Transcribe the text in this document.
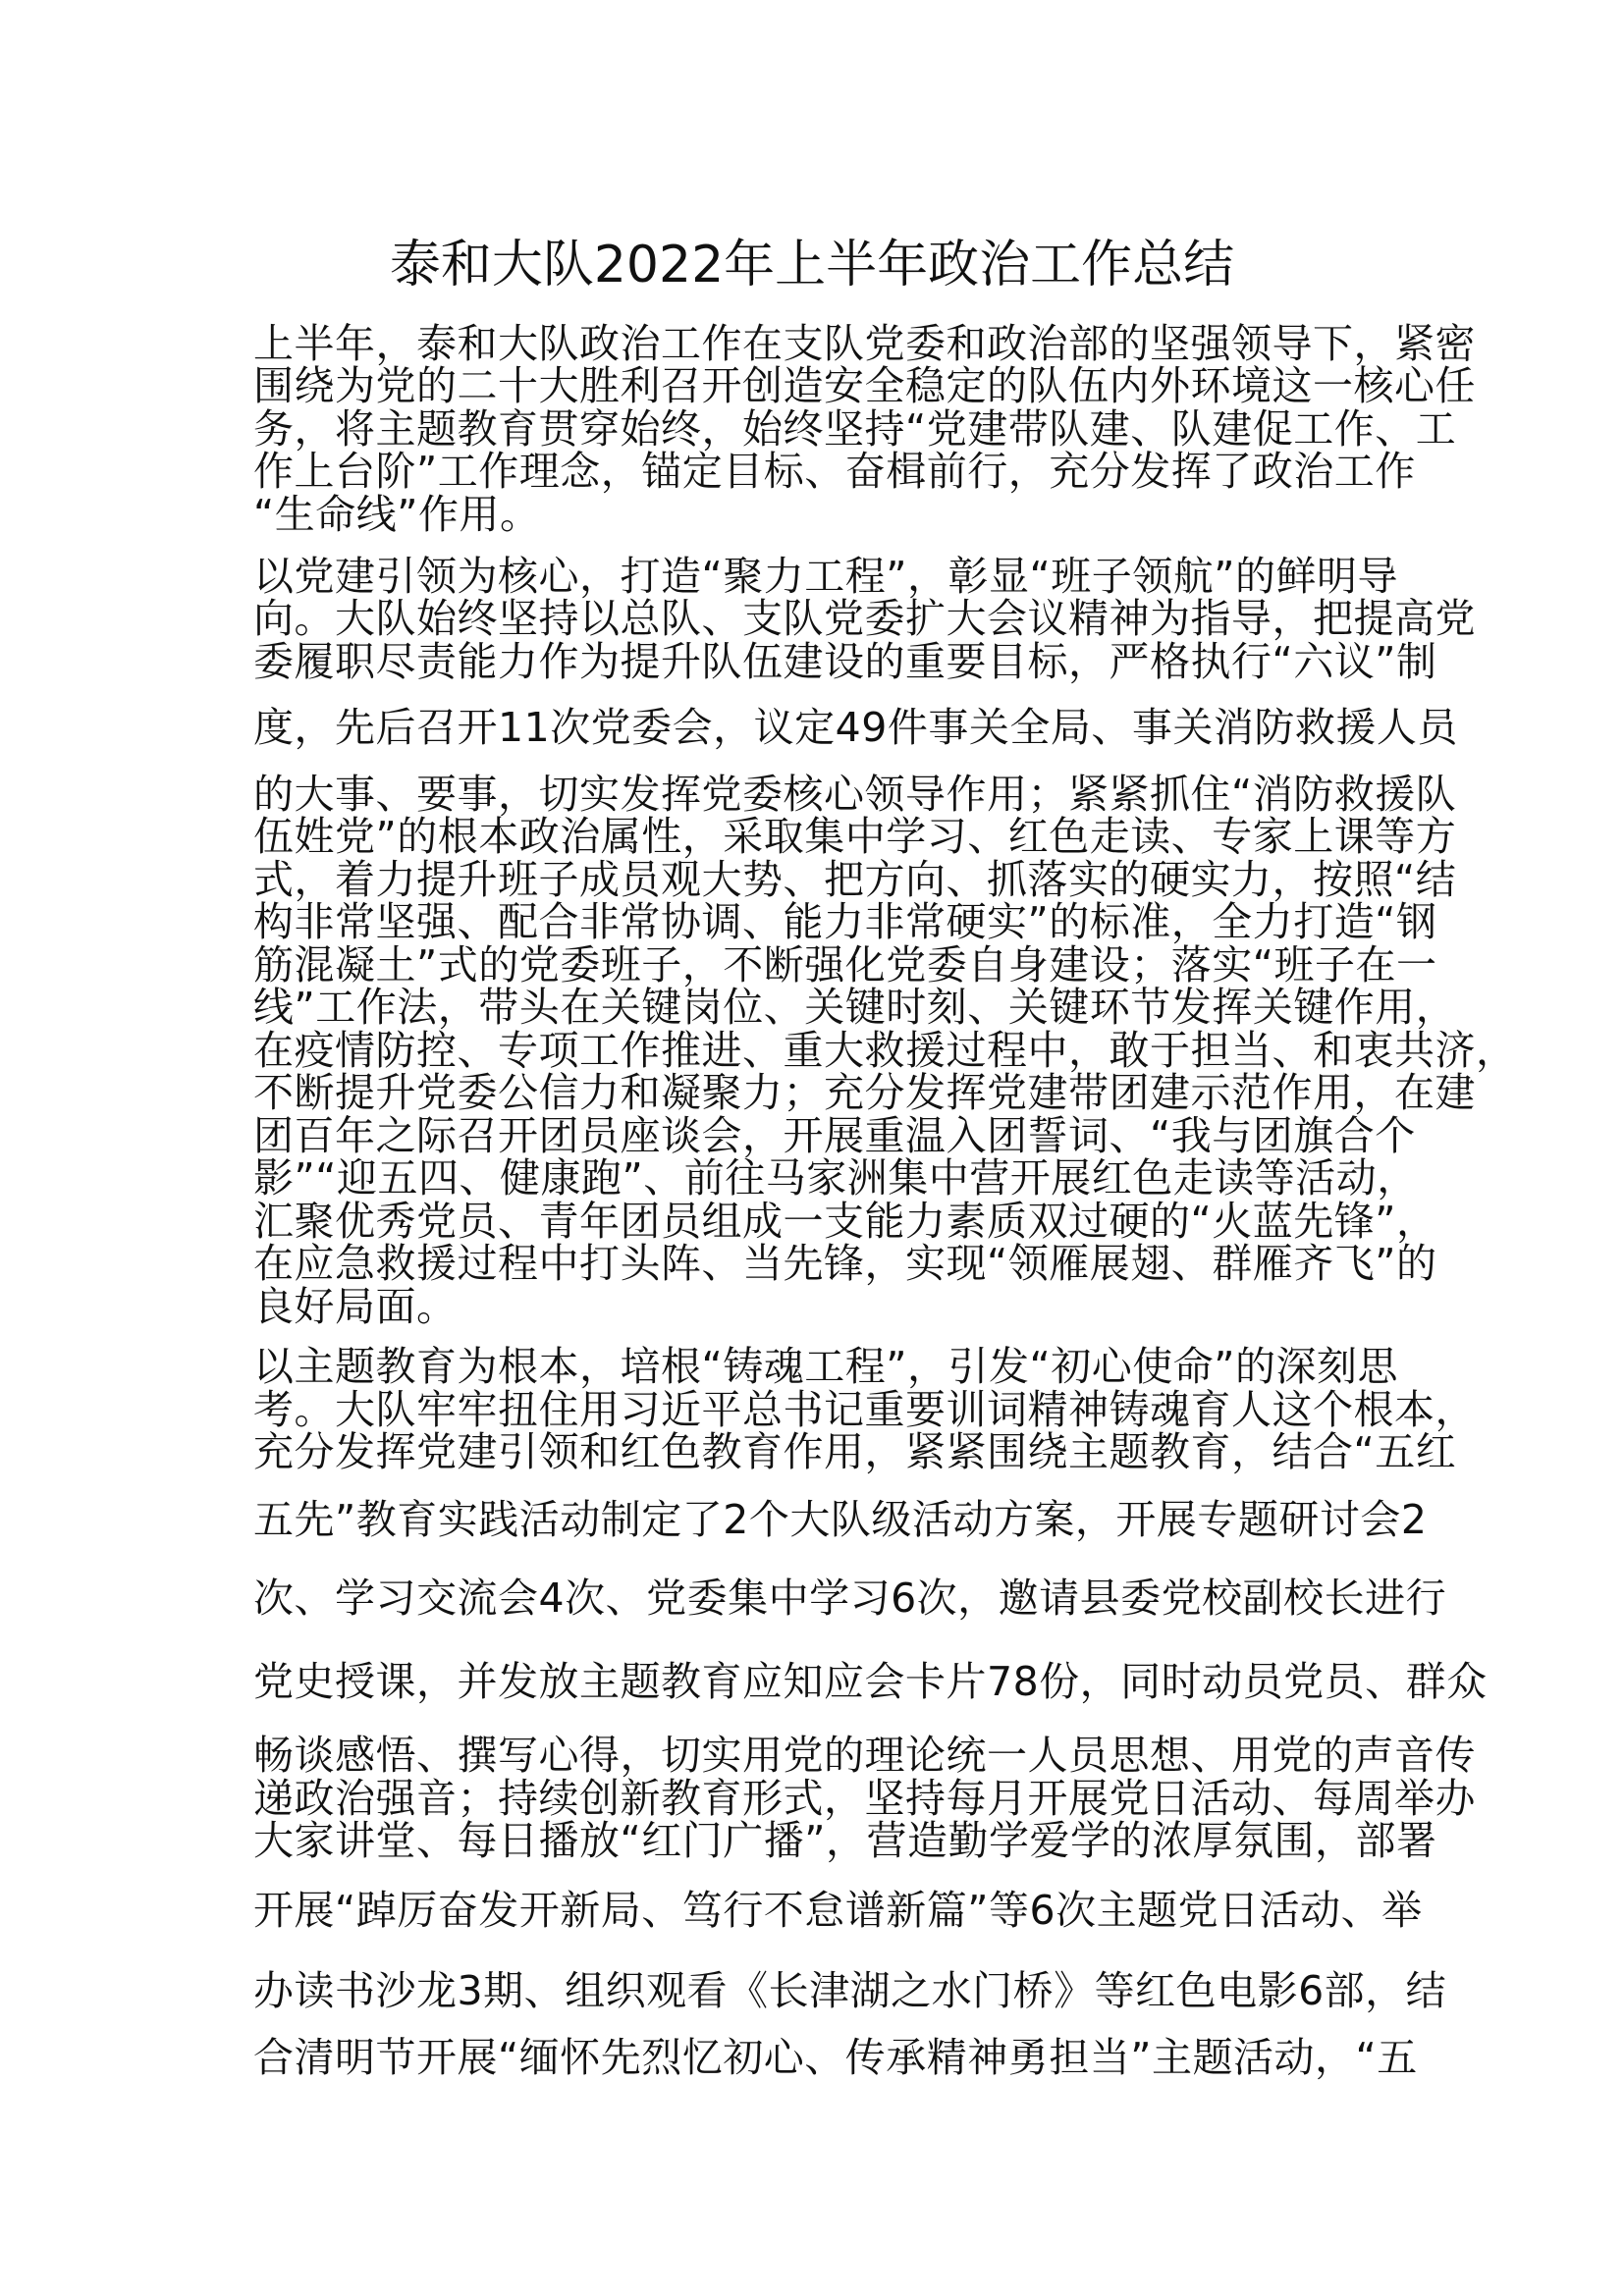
泰和大队2022年上半年政治工作总结
上半年，泰和大队政治工作在支队党委和政治部的坚强领导下，紧密
围绕为党的二十大胜利召开创造安全稳定的队伍内外环境这一核心任
务，将主题教育贯穿始终，始终坚持“党建带队建、队建促工作、工
作上台阶”工作理念，锚定目标、奋楫前行，充分发挥了政治工作
“生命线”作用。
以党建引领为核心，打造“聚力工程”，彰显“班子领航”的鲜明导
向。大队始终坚持以总队、支队党委扩大会议精神为指导，把提高党
委履职尽责能力作为提升队伍建设的重要目标，严格执行“六议”制
度，先后召开11次党委会，议定49件事关全局、事关消防救援人员
的大事、要事，切实发挥党委核心领导作用；紧紧抓住“消防救援队
伍姓党”的根本政治属性，采取集中学习、红色走读、专家上课等方
式，着力提升班子成员观大势、把方向、抓落实的硬实力，按照“结
构非常坚强、配合非常协调、能力非常硬实”的标准，全力打造“钢
筋混凝土”式的党委班子，不断强化党委自身建设；落实“班子在一
线”工作法，带头在关键岗位、关键时刻、关键环节发挥关键作用，
在疫情防控、专项工作推进、重大救援过程中，敢于担当、和衷共济，
不断提升党委公信力和凝聚力；充分发挥党建带团建示范作用，在建
团百年之际召开团员座谈会，开展重温入团誓词、“我与团旗合个
影”“迎五四、健康跑”、前往马家洲集中营开展红色走读等活动，
汇聚优秀党员、青年团员组成一支能力素质双过硬的“火蓝先锋”，
在应急救援过程中打头阵、当先锋，实现“领雁展翅、群雁齐飞”的
良好局面。
以主题教育为根本，培根“铸魂工程”，引发“初心使命”的深刻思
考。大队牢牢扭住用习近平总书记重要训词精神铸魂育人这个根本，
充分发挥党建引领和红色教育作用，紧紧围绕主题教育，结合“五红
五先”教育实践活动制定了2个大队级活动方案，开展专题研讨会2
次、学习交流会4次、党委集中学习6次，邀请县委党校副校长进行
党史授课，并发放主题教育应知应会卡片78份，同时动员党员、群众
畅谈感悟、撰写心得，切实用党的理论统一人员思想、用党的声音传
递政治强音；持续创新教育形式，坚持每月开展党日活动、每周举办
大家讲堂、每日播放“红门广播”，营造勤学爱学的浓厚氛围，部署
开展“踔厉奋发开新局、笃行不怠谱新篇”等6次主题党日活动、举
办读书沙龙3期、组织观看《长津湖之水门桥》等红色电影6部，结
合清明节开展“缅怀先烈忆初心、传承精神勇担当”主题活动，“五
